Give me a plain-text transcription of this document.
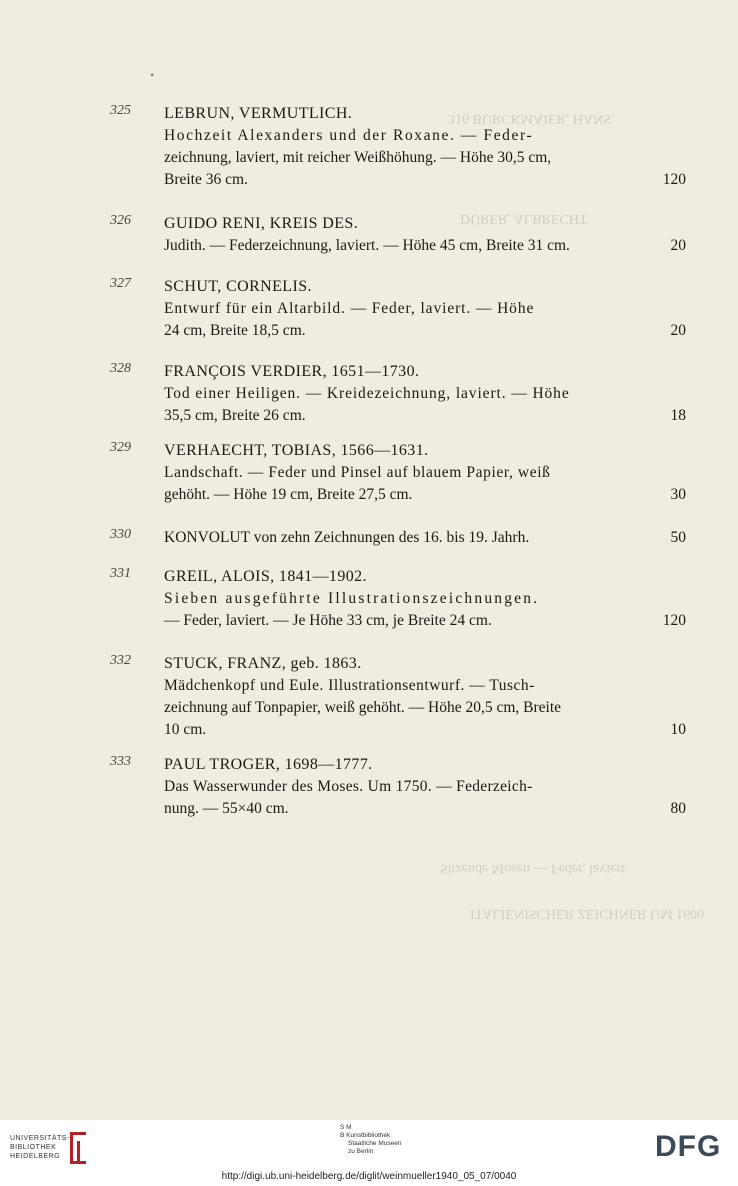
316 BURCKMAIER, HANS.
DÜRER, ALBRECHT
Sitzende Mosen — Feder, laviert.
ITALIENISCHER ZEICHNER UM 1600
•
325 LEBRUN, VERMUTLICH.
Hochzeit Alexanders und der Roxane. — Feder-
zeichnung, laviert, mit reicher Weißhöhung. — Höhe 30,5 cm,
Breite 36 cm.	120
326 GUIDO RENI, KREIS DES.
Judith. — Federzeichnung, laviert. — Höhe 45 cm, Breite 31 cm.	20
327 SCHUT, CORNELIS.
Entwurf für ein Altarbild. — Feder, laviert. — Höhe
24 cm, Breite 18,5 cm.	20
328 FRANÇOIS VERDIER, 1651—1730.
Tod einer Heiligen. — Kreidezeichnung, laviert. — Höhe
35,5 cm, Breite 26 cm.	18
329 VERHAECHT, TOBIAS, 1566—1631.
Landschaft. — Feder und Pinsel auf blauem Papier, weiß
gehöht. — Höhe 19 cm, Breite 27,5 cm.	30
330 KONVOLUT von zehn Zeichnungen des 16. bis 19. Jahrh.	50
331 GREIL, ALOIS, 1841—1902.
Sieben ausgeführte Illustrationszeichnungen.
— Feder, laviert. — Je Höhe 33 cm, je Breite 24 cm.	120
332 STUCK, FRANZ, geb. 1863.
Mädchenkopf und Eule. Illustrationsentwurf. — Tusch-
zeichnung auf Tonpapier, weiß gehöht. — Höhe 20,5 cm, Breite
10 cm.	10
333 PAUL TROGER, 1698—1777.
Das Wasserwunder des Moses. Um 1750. — Federzeich-
nung. — 55×40 cm.	80
UNIVERSITÄTS-
BIBLIOTHEK
HEIDELBERG
S M
B Kunstbibliothek
Staatliche Museen
zu Berlin	DFG
http://digi.ub.uni-heidelberg.de/diglit/weinmueller1940_05_07/0040
